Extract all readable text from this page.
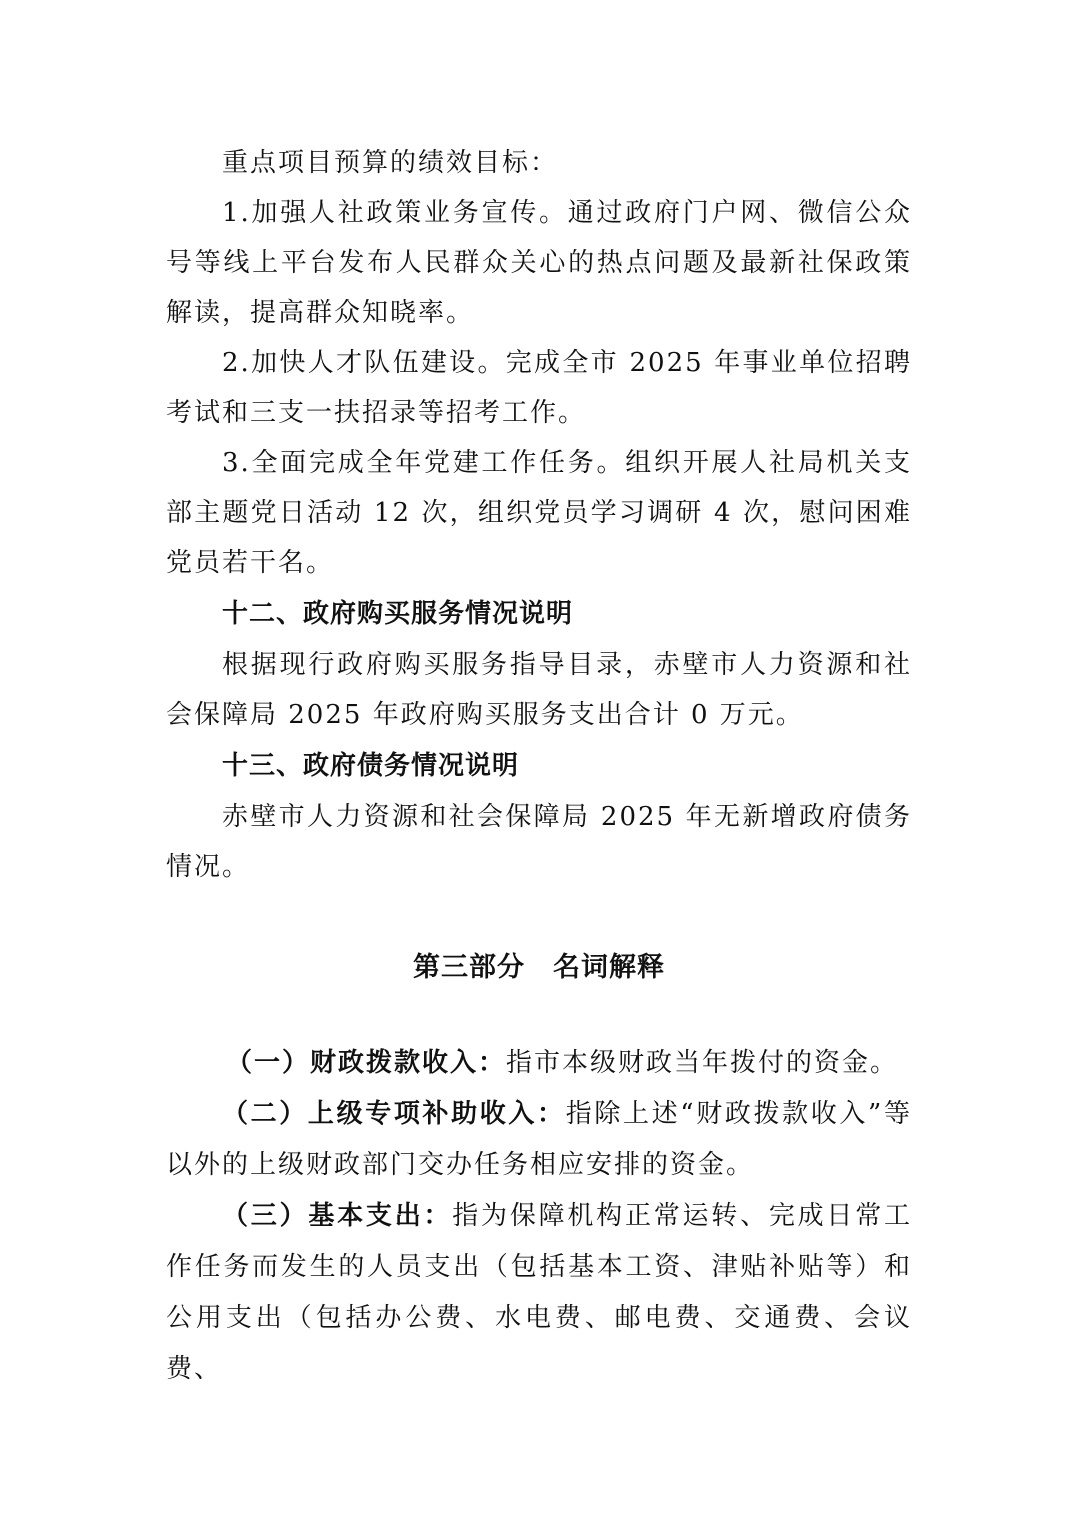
重点项目预算的绩效目标：

1.加强人社政策业务宣传。通过政府门户网、微信公众号等线上平台发布人民群众关心的热点问题及最新社保政策解读，提高群众知晓率。

2.加快人才队伍建设。完成全市 2025 年事业单位招聘考试和三支一扶招录等招考工作。

3.全面完成全年党建工作任务。组织开展人社局机关支部主题党日活动 12 次，组织党员学习调研 4 次，慰问困难党员若干名。

十二、政府购买服务情况说明

根据现行政府购买服务指导目录，赤壁市人力资源和社会保障局 2025 年政府购买服务支出合计 0 万元。

十三、政府债务情况说明

赤壁市人力资源和社会保障局 2025 年无新增政府债务情况。

第三部分　名词解释

（一）财政拨款收入：指市本级财政当年拨付的资金。

（二）上级专项补助收入：指除上述“财政拨款收入”等以外的上级财政部门交办任务相应安排的资金。

（三）基本支出：指为保障机构正常运转、完成日常工作任务而发生的人员支出（包括基本工资、津贴补贴等）和公用支出（包括办公费、水电费、邮电费、交通费、会议费、
